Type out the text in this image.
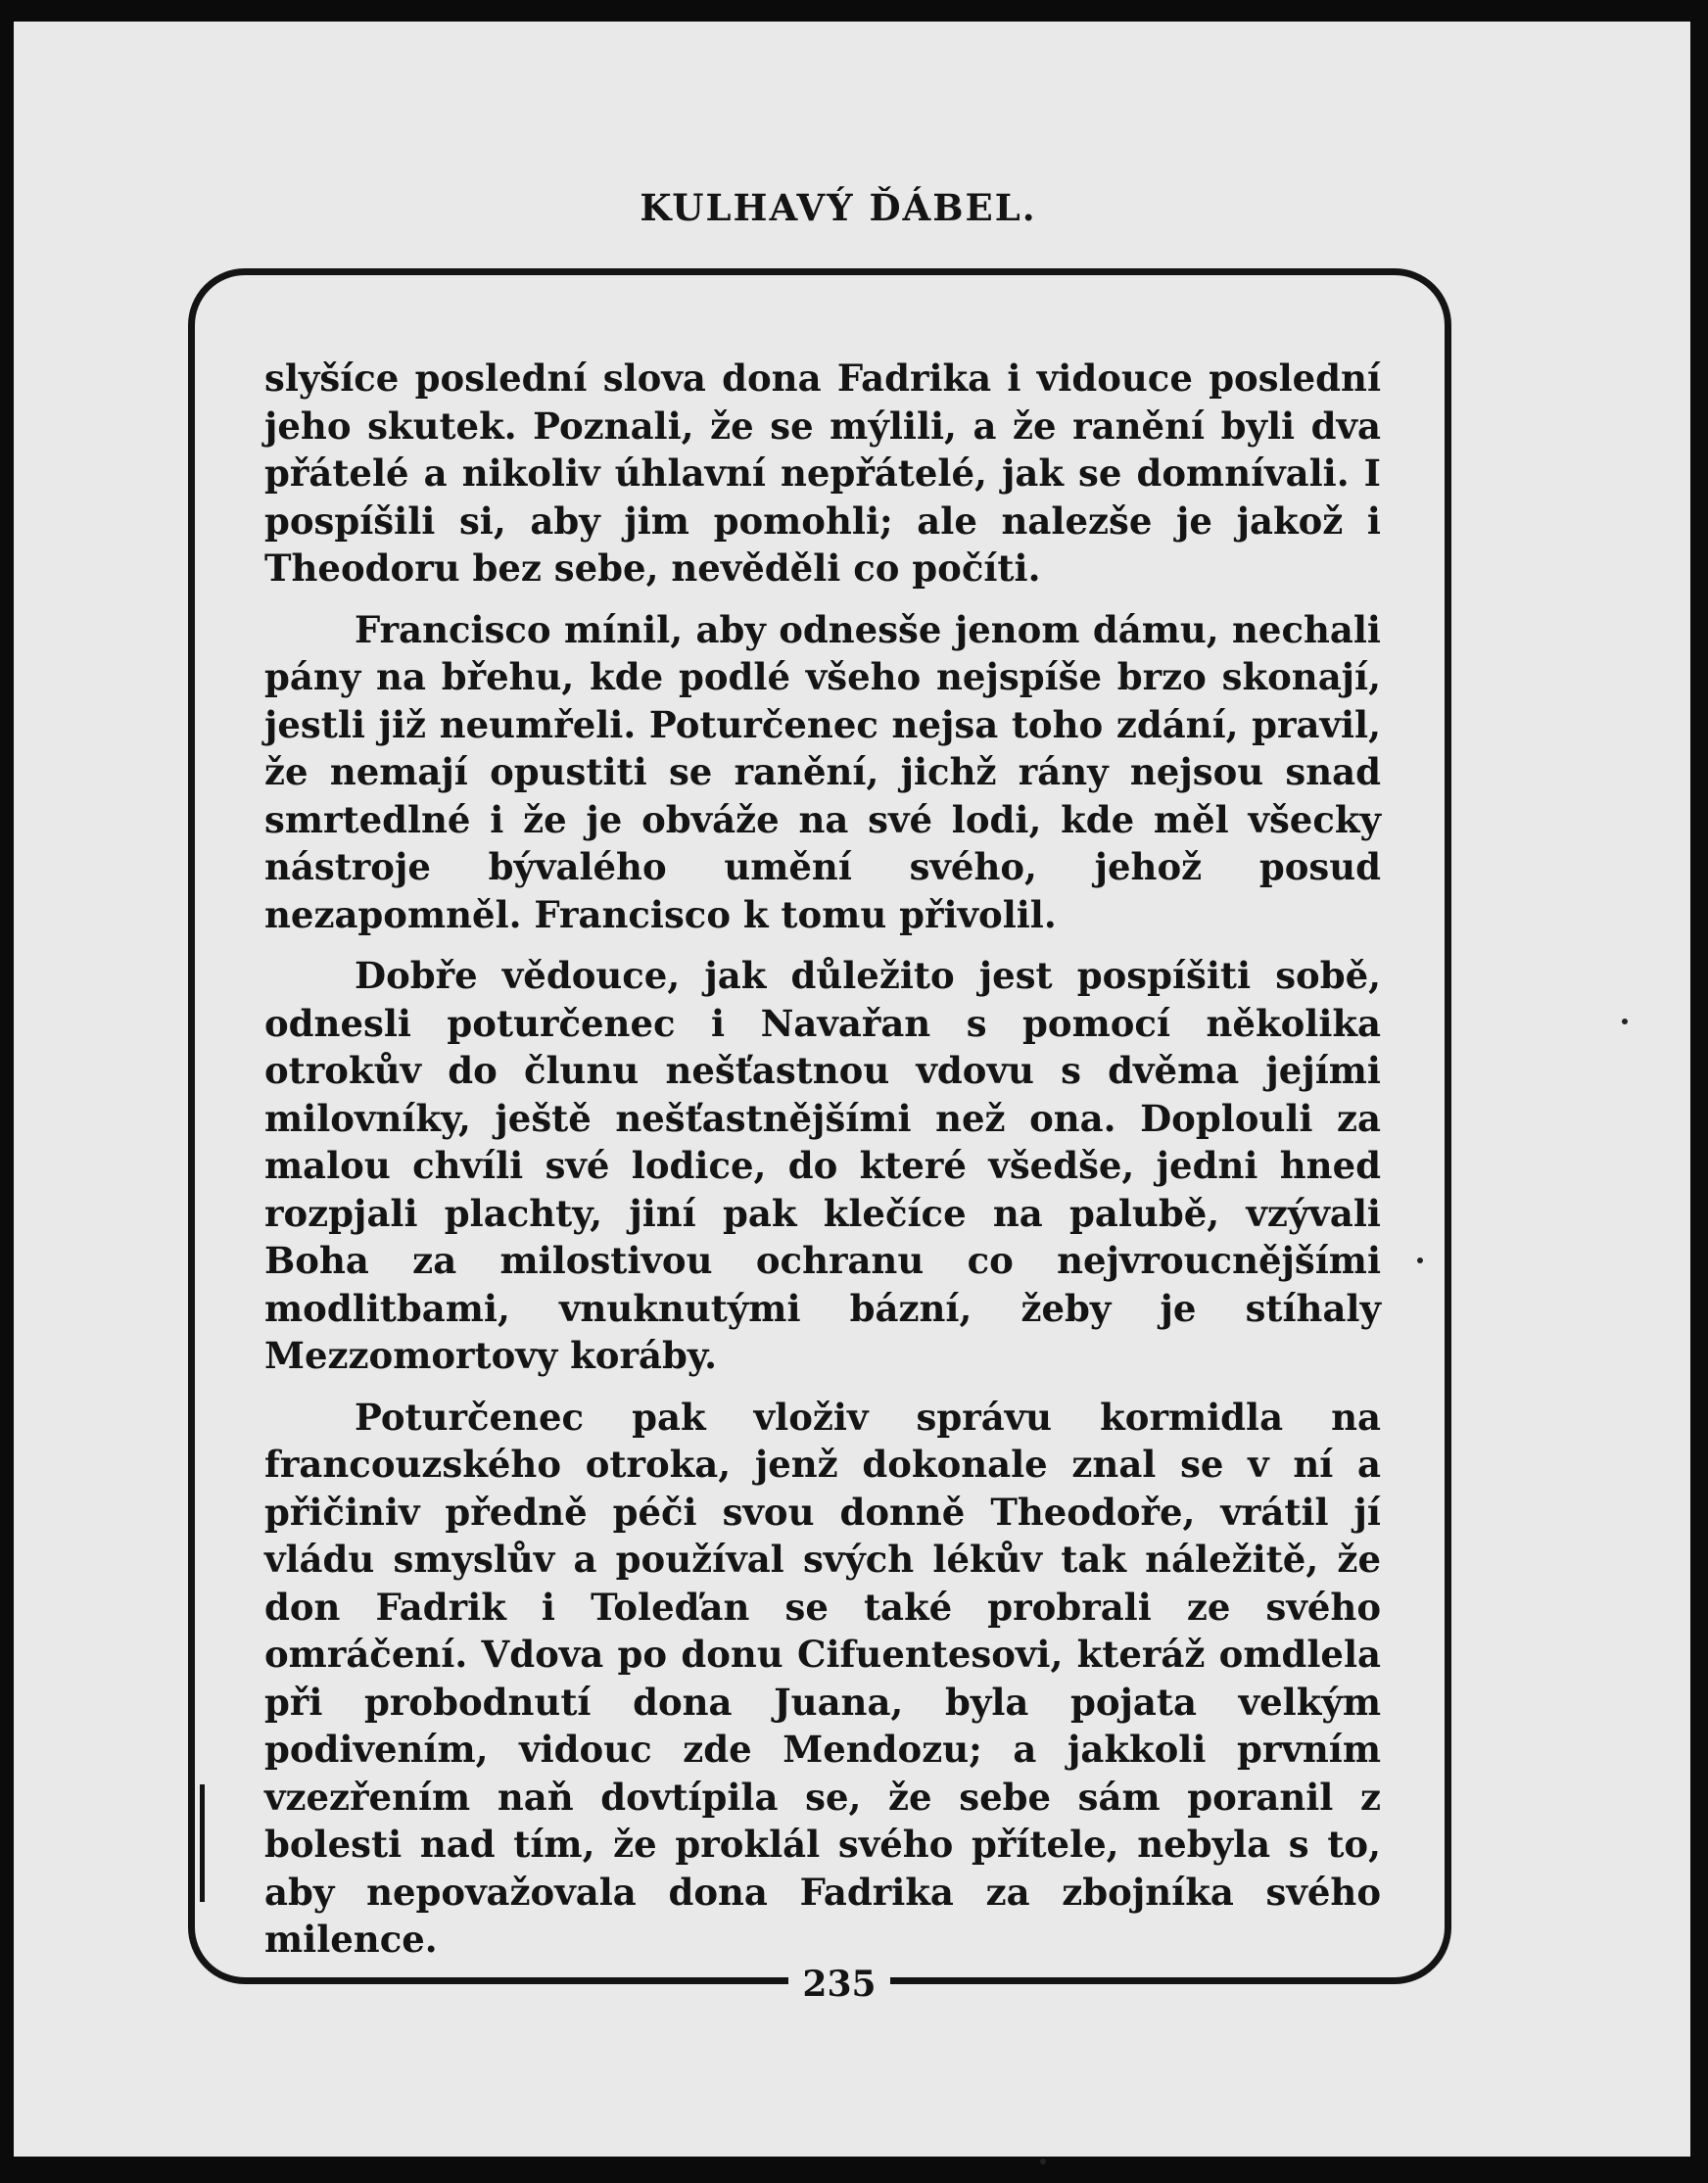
KULHAVÝ ĎÁBEL.

slyšíce poslední slova dona Fadrika i vidouce poslední jeho skutek. Poznali, že se mýlili, a že ranění byli dva přátelé a nikoliv úhlavní nepřátelé, jak se domnívali. I pospíšili si, aby jim pomohli; ale nalezše je jakož i Theodoru bez sebe, nevěděli co počíti.

Francisco mínil, aby odnesše jenom dámu, nechali pány na břehu, kde podlé všeho nejspíše brzo skonají, jestli již neumřeli. Poturčenec nejsa toho zdání, pravil, že nemají opustiti se ranění, jichž rány nejsou snad smrtedlné i že je obváže na své lodi, kde měl všecky nástroje bývalého umění svého, jehož posud nezapomněl. Francisco k tomu přivolil.

Dobře vědouce, jak důležito jest pospíšiti sobě, odnesli poturčenec i Navařan s pomocí několika otrokův do člunu nešťastnou vdovu s dvěma jejími milovníky, ještě nešťastnějšími než ona. Doplouli za malou chvíli své lodice, do které všedše, jedni hned rozpjali plachty, jiní pak klečíce na palubě, vzývali Boha za milostivou ochranu co nejvroucnějšími modlitbami, vnuknutými bázní, žeby je stíhaly Mezzomortovy koráby.

Poturčenec pak vloživ správu kormidla na francouzského otroka, jenž dokonale znal se v ní a přičiniv předně péči svou donně Theodoře, vrátil jí vládu smyslův a používal svých lékův tak náležitě, že don Fadrik i Toleďan se také probrali ze svého omráčení. Vdova po donu Cifuentesovi, kteráž omdlela při probodnutí dona Juana, byla pojata velkým podivením, vidouc zde Mendozu; a jakkoli prvním vzezřením naň dovtípila se, že sebe sám poranil z bolesti nad tím, že proklál svého přítele, nebyla s to, aby nepovažovala dona Fadrika za zbojníka svého milence.

235
